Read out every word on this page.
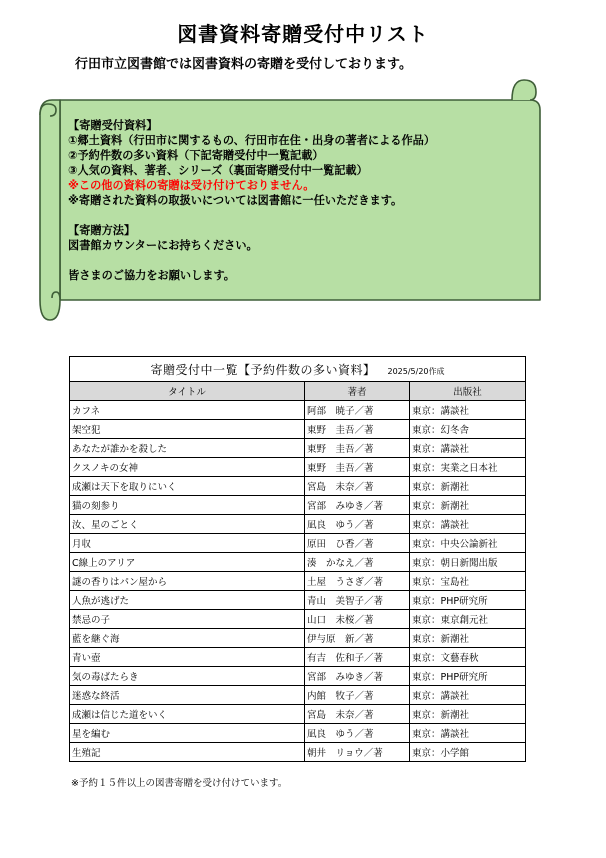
図書資料寄贈受付中リスト
行田市立図書館では図書資料の寄贈を受付しております。
【寄贈受付資料】
①郷土資料（行田市に関するもの、行田市在住・出身の著者による作品）
②予約件数の多い資料（下記寄贈受付中一覧記載）
③人気の資料、著者、シリーズ（裏面寄贈受付中一覧記載）
※この他の資料の寄贈は受け付けておりません。
※寄贈された資料の取扱いについては図書館に一任いただきます。
【寄贈方法】
図書館カウンターにお持ちください。
皆さまのご協力をお願いします。
寄贈受付中一覧【予約件数の多い資料】 2025/5/20作成		
タイトル	著者	出版社
カフネ	阿部　暁子／著	東京：講談社
架空犯	東野　圭吾／著	東京：幻冬舎
あなたが誰かを殺した	東野　圭吾／著	東京：講談社
クスノキの女神	東野　圭吾／著	東京：実業之日本社
成瀬は天下を取りにいく	宮島　未奈／著	東京：新潮社
猫の刻参り	宮部　みゆき／著	東京：新潮社
汝、星のごとく	凪良　ゆう／著	東京：講談社
月収	原田　ひ香／著	東京：中央公論新社
C線上のアリア	湊　かなえ／著	東京：朝日新聞出版
謎の香りはパン屋から	土屋　うさぎ／著	東京：宝島社
人魚が逃げた	青山　美智子／著	東京：PHP研究所
禁忌の子	山口　未桜／著	東京：東京創元社
藍を継ぐ海	伊与原　新／著	東京：新潮社
青い壺	有吉　佐和子／著	東京：文藝春秋
気の毒ばたらき	宮部　みゆき／著	東京：PHP研究所
迷惑な終活	内館　牧子／著	東京：講談社
成瀬は信じた道をいく	宮島　未奈／著	東京：新潮社
星を編む	凪良　ゆう／著	東京：講談社
生殖記	朝井　リョウ／著	東京：小学館
※予約１５件以上の図書寄贈を受け付けています。
